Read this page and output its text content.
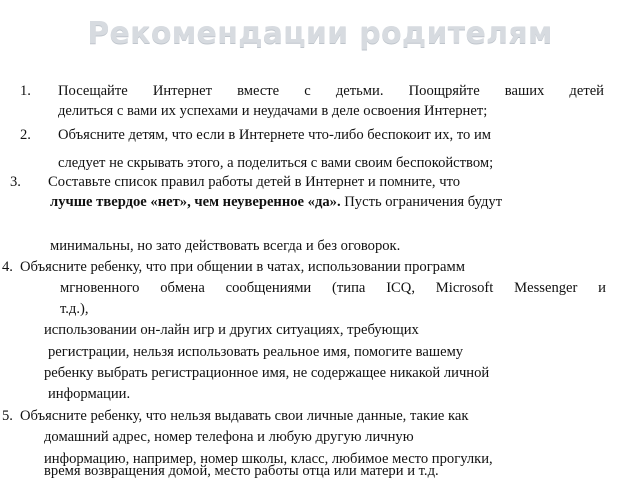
Рекомендации родителям
1. Посещайте Интернет вместе с детьми. Поощряйте ваших детей
делиться с вами их успехами и неудачами в деле освоения Интернет;
2. Объясните детям, что если в Интернете что-либо беспокоит их, то им
следует не скрывать этого, а поделиться с вами своим беспокойством;
3. Составьте список правил работы детей в Интернет и помните, что
лучше твердое «нет», чем неуверенное «да». Пусть ограничения будут
минимальны, но зато действовать всегда и без оговорок.
4. Объясните ребенку, что при общении в чатах, использовании программ
мгновенного обмена сообщениями (типа ICQ, Microsoft Messenger и
т.д.),
использовании он-лайн игр и других ситуациях, требующих
регистрации, нельзя использовать реальное имя, помогите вашему
ребенку выбрать регистрационное имя, не содержащее никакой личной
информации.
5. Объясните ребенку, что нельзя выдавать свои личные данные, такие как
домашний адрес, номер телефона и любую другую личную
информацию, например, номер школы, класс, любимое место прогулки,
время возвращения домой, место работы отца или матери и т.д.
